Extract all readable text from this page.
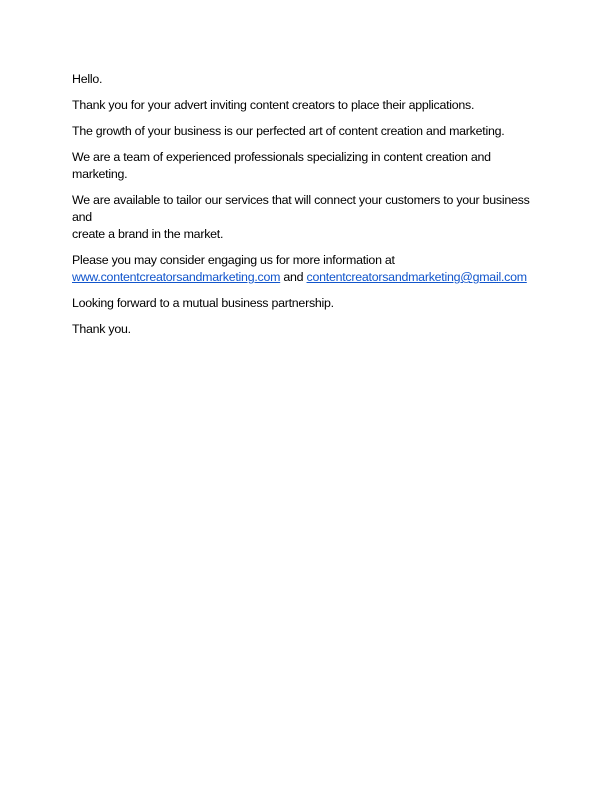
Hello.

Thank you for your advert inviting content creators to place their applications.

The growth of your business is our perfected art of content creation and marketing.

We are a team of experienced professionals specializing in content creation and marketing.

We are available to tailor our services that will connect your customers to your business and
create a brand in the market.

Please you may consider engaging us for more information at
www.contentcreatorsandmarketing.com and contentcreatorsandmarketing@gmail.com

Looking forward to a mutual business partnership.

Thank you.
